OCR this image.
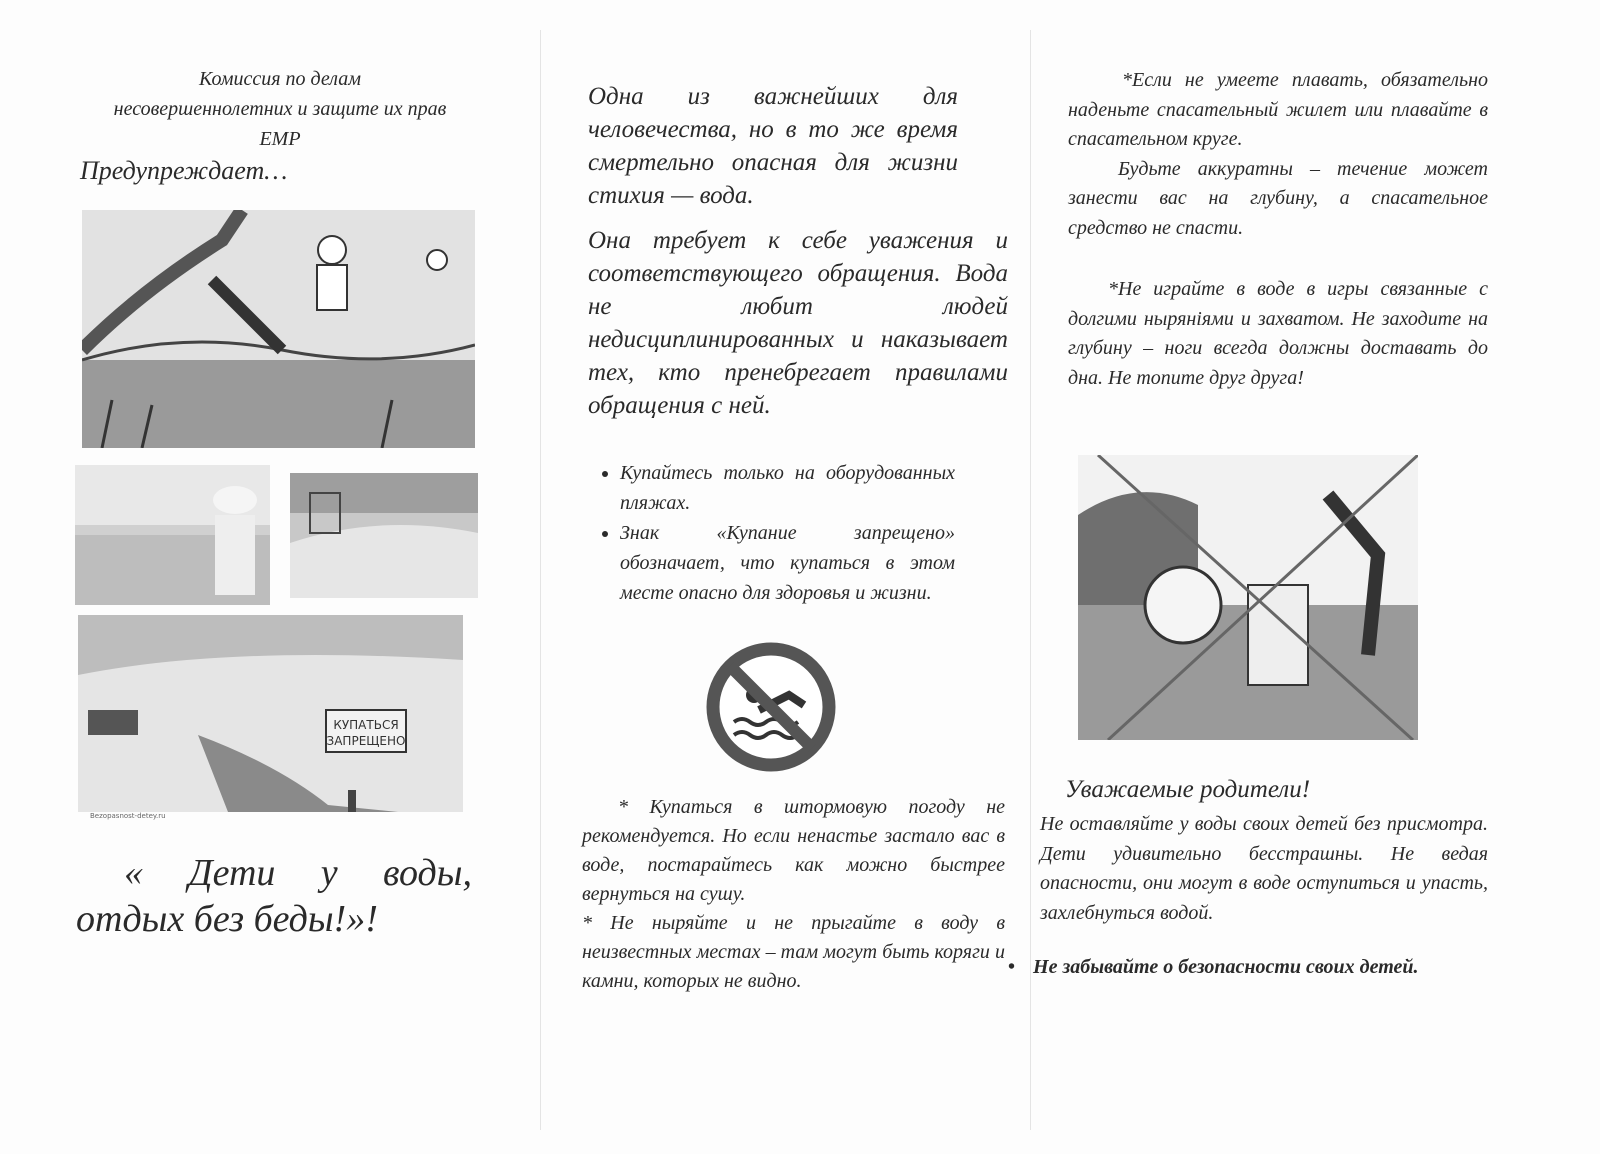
Комиссия по делам
несовершеннолетних и защите их прав
ЕМР
Предупреждает…
КУПАТЬСЯ
ЗАПРЕЩЕНО
Bezopasnost-detey.ru
« Дети у воды, отдых без беды!»!

Одна из важнейших для человечества, но в то же время смертельно опасная для жизни стихия — вода.

Она требует к себе уважения и соответствующего обращения. Вода не любит людей недисциплинированных и наказывает тех, кто пренебрегает правилами обращения с ней.

• Купайтесь только на оборудованных пляжах.
• Знак «Купание запрещено» обозначает, что купаться в этом месте опасно для здоровья и жизни.

* Купаться в штормовую погоду не рекомендуется. Но если ненастье застало вас в воде, постарайтесь как можно быстрее вернуться на сушу.

* Не ныряйте и не прыгайте в воду в неизвестных местах – там могут быть коряги и камни, которых не видно.

*Если не умеете плавать, обязательно наденьте спасательный жилет или плавайте в спасательном круге.

Будьте аккуратны – течение может занести вас на глубину, а спасательное средство не спасти.

*Не играйте в воде в игры связанные с долгими нырянiями и захватом. Не заходите на глубину – ноги всегда должны доставать до дна. Не топите друг друга!

Уважаемые родители!

Не оставляйте у воды своих детей без присмотра. Дети удивительно бесстрашны. Не ведая опасности, они могут в воде оступиться и упасть, захлебнуться водой.

• Не забывайте о безопасности своих детей.
